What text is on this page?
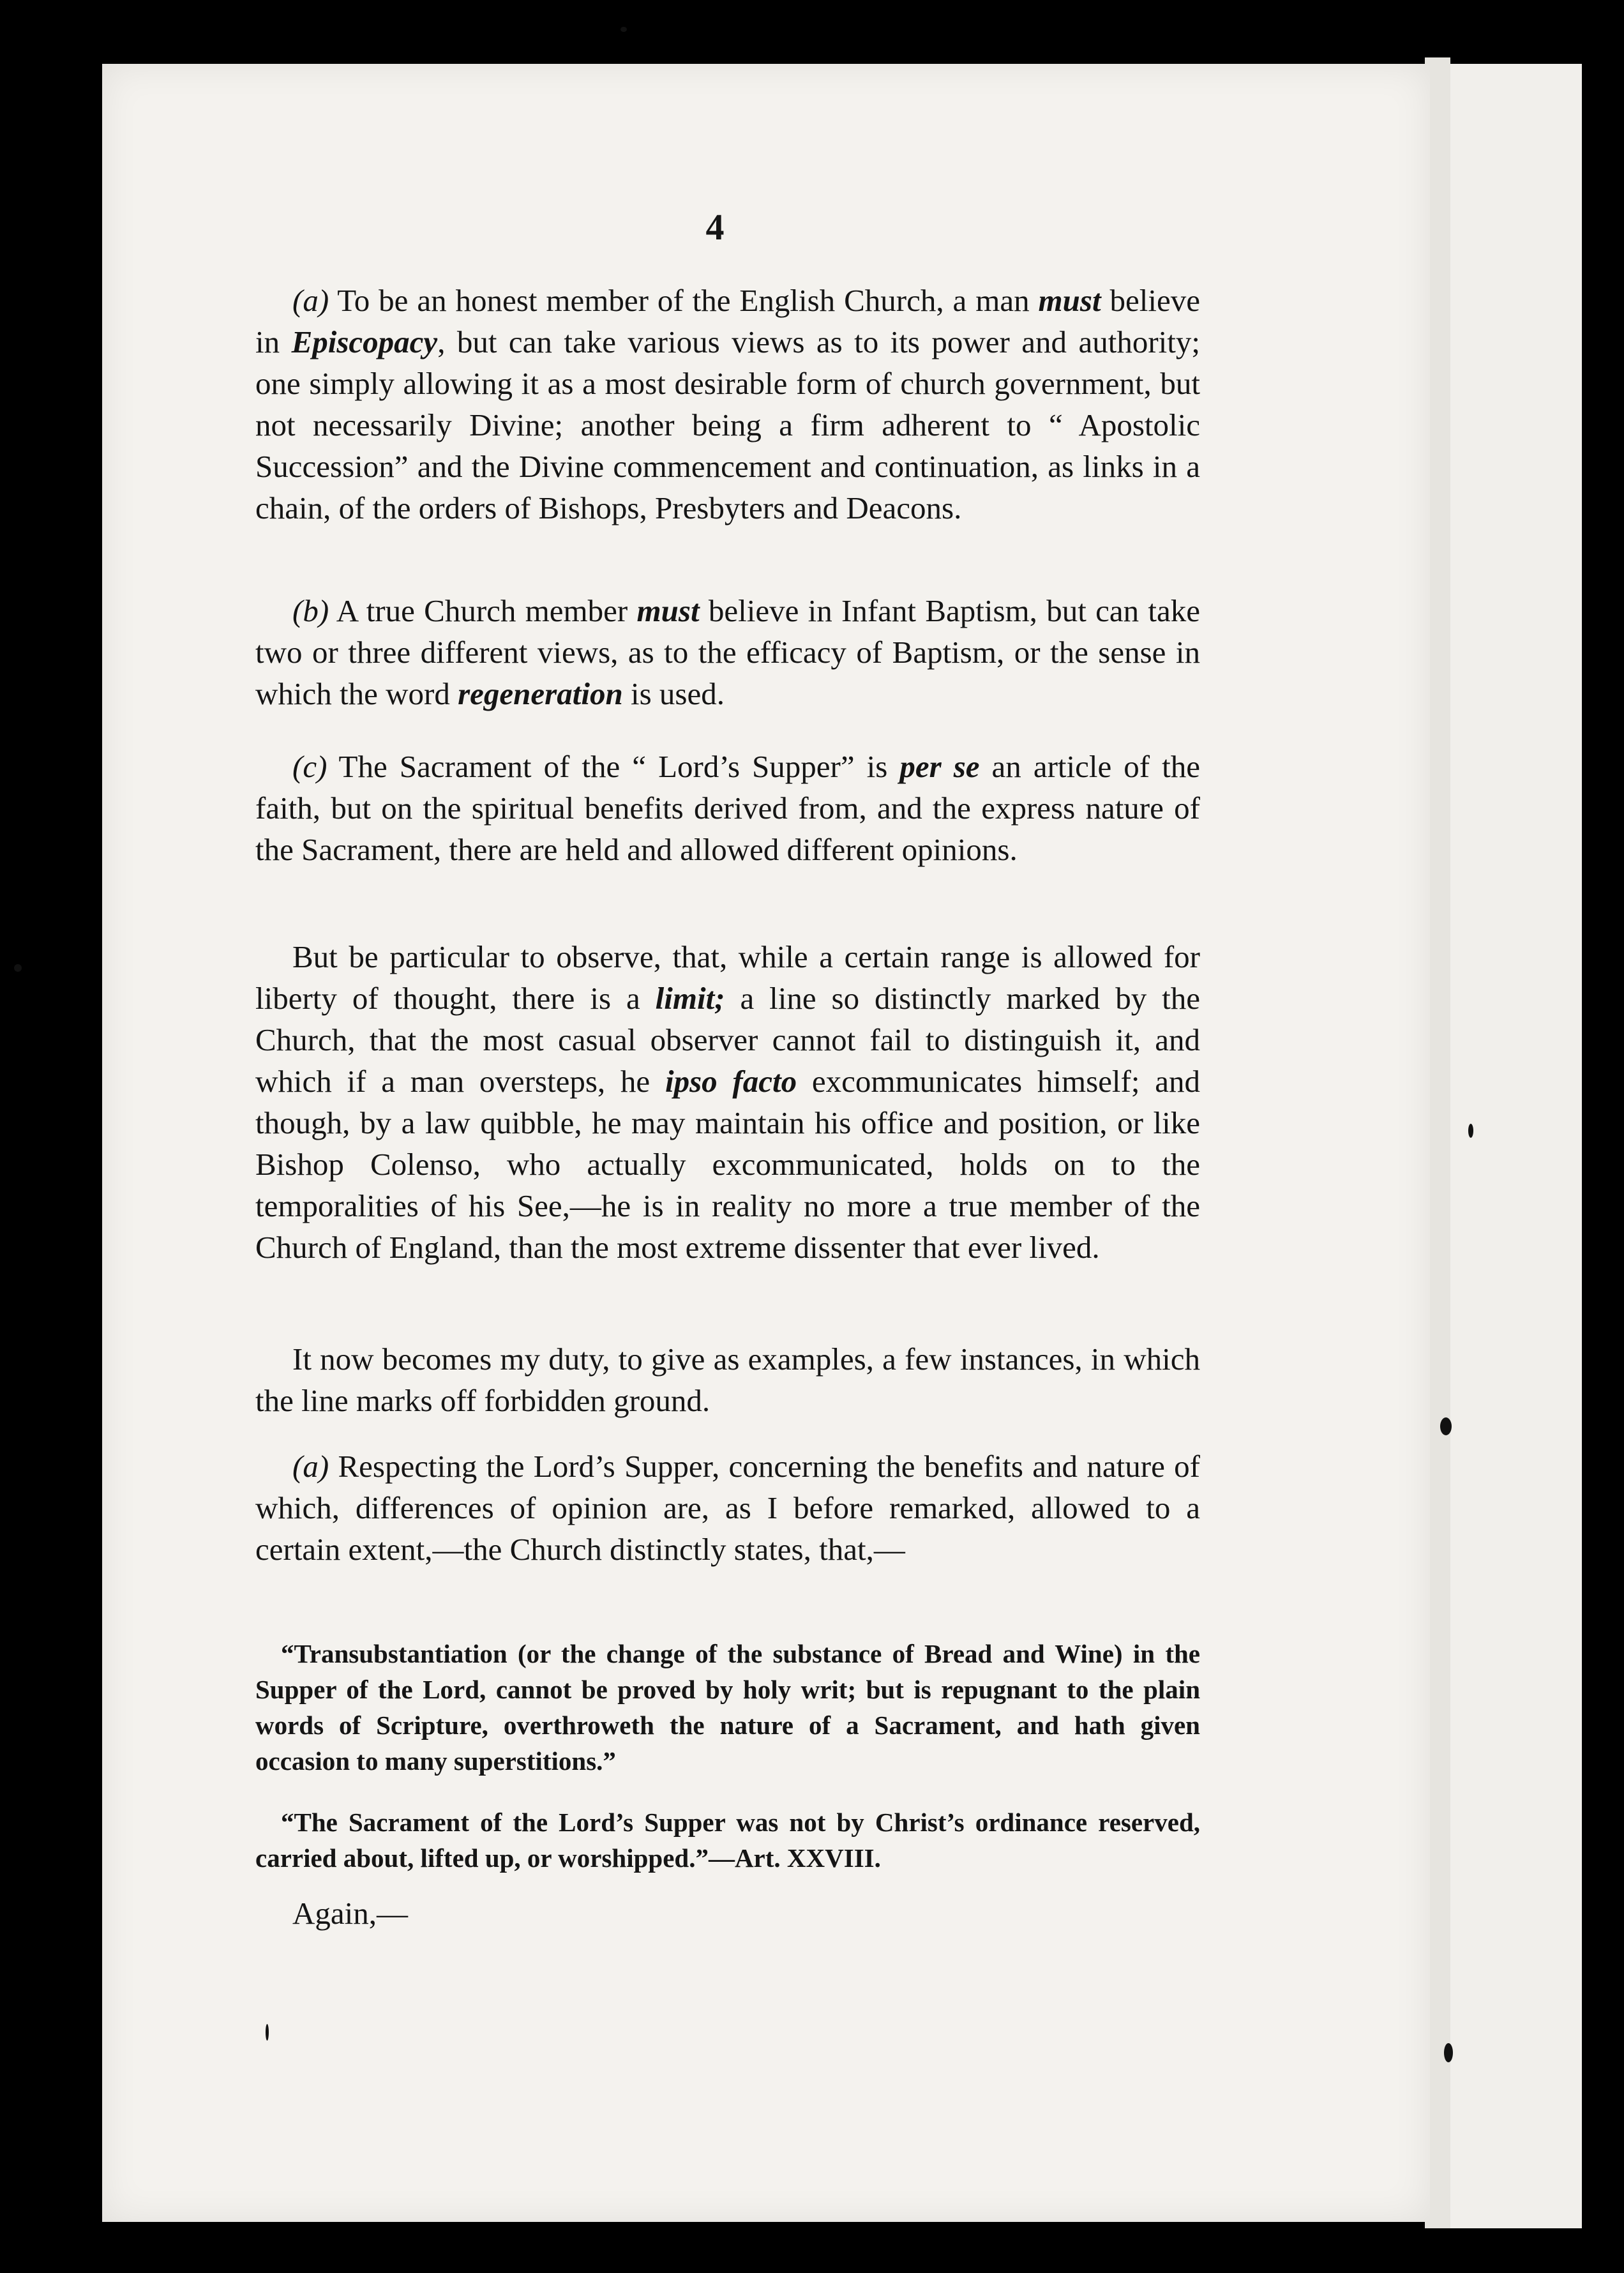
4

(a) To be an honest member of the English Church, a man must believe in Episcopacy, but can take various views as to its power and authority; one simply allowing it as a most desirable form of church government, but not necessarily Divine; another being a firm adherent to “ Apostolic Succession” and the Divine commencement and continuation, as links in a chain, of the orders of Bishops, Presbyters and Deacons.

(b) A true Church member must believe in Infant Baptism, but can take two or three different views, as to the efficacy of Baptism, or the sense in which the word regeneration is used.

(c) The Sacrament of the “ Lord’s Supper” is per se an article of the faith, but on the spiritual benefits derived from, and the express nature of the Sacrament, there are held and allowed different opinions.

But be particular to observe, that, while a certain range is allowed for liberty of thought, there is a limit; a line so distinctly marked by the Church, that the most casual observer cannot fail to distinguish it, and which if a man oversteps, he ipso facto excommunicates himself; and though, by a law quibble, he may maintain his office and position, or like Bishop Colenso, who actually excommunicated, holds on to the temporalities of his See,—he is in reality no more a true member of the Church of England, than the most extreme dissenter that ever lived.

It now becomes my duty, to give as examples, a few instances, in which the line marks off forbidden ground.

(a) Respecting the Lord’s Supper, concerning the benefits and nature of which, differences of opinion are, as I before remarked, allowed to a certain extent,—the Church distinctly states, that,—

“Transubstantiation (or the change of the substance of Bread and Wine) in the Supper of the Lord, cannot be proved by holy writ; but is repugnant to the plain words of Scripture, overthroweth the nature of a Sacrament, and hath given occasion to many superstitions.”

“The Sacrament of the Lord’s Supper was not by Christ’s ordinance reserved, carried about, lifted up, or worshipped.”—Art. XXVIII.

Again,—
